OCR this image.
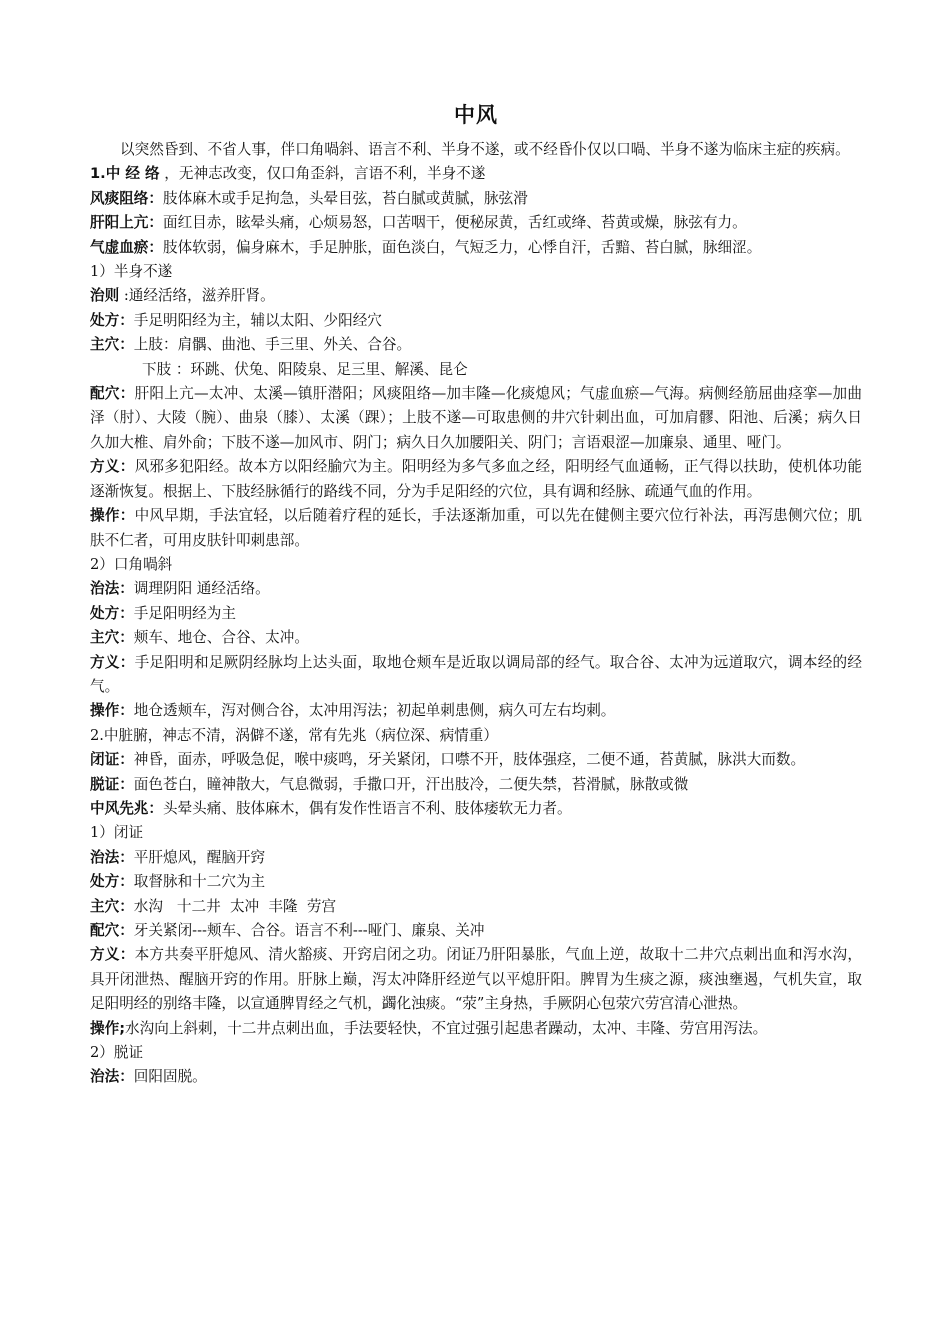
中风

以突然昏到、不省人事，伴口角喎斜、语言不利、半身不遂，或不经昏仆仅以口喎、半身不遂为临床主症的疾病。

1.中 经 络 ，无神志改变，仅口角歪斜，言语不利，半身不遂

风痰阻络：肢体麻木或手足拘急，头晕目弦，苔白腻或黄腻，脉弦滑

肝阳上亢：面红目赤，眩晕头痛，心烦易怒，口苦咽干，便秘尿黄，舌红或绛、苔黄或燥，脉弦有力。

气虚血瘀：肢体软弱，偏身麻木，手足肿胀，面色淡白，气短乏力，心悸自汗，舌黯、苔白腻，脉细涩。

1）半身不遂

治则 :通经活络，滋养肝肾。

处方：手足明阳经为主，辅以太阳、少阳经穴

主穴：上肢：肩髃、曲池、手三里、外关、合谷。

下肢 ：环跳、伏兔、阳陵泉、足三里、解溪、昆仑

配穴：肝阳上亢—太冲、太溪—镇肝潜阳；风痰阻络—加丰隆—化痰熄风；气虚血瘀—气海。病侧经筋屈曲痉挛—加曲泽（肘）、大陵（腕）、曲泉（膝）、太溪（踝）；上肢不遂—可取患侧的井穴针刺出血，可加肩髎、阳池、后溪；病久日久加大椎、肩外俞；下肢不遂—加风市、阴门；病久日久加腰阳关、阴门；言语艰涩—加廉泉、通里、哑门。

方义：风邪多犯阳经。故本方以阳经腧穴为主。阳明经为多气多血之经，阳明经气血通畅，正气得以扶助，使机体功能逐渐恢复。根据上、下肢经脉循行的路线不同，分为手足阳经的穴位，具有调和经脉、疏通气血的作用。

操作：中风早期，手法宜轻，以后随着疗程的延长，手法逐渐加重，可以先在健侧主要穴位行补法，再泻患侧穴位；肌肤不仁者，可用皮肤针叩刺患部。

2）口角喎斜

治法：调理阴阳 通经活络。

处方：手足阳明经为主

主穴：颊车、地仓、合谷、太冲。

方义：手足阳明和足厥阴经脉均上达头面，取地仓颊车是近取以调局部的经气。取合谷、太冲为远道取穴，调本经的经气。

操作：地仓透颊车，泻对侧合谷，太冲用泻法；初起单刺患侧，病久可左右均刺。

2.中脏腑，神志不清，涡僻不遂，常有先兆（病位深、病情重）

闭证：神昏，面赤，呼吸急促，喉中痰鸣，牙关紧闭，口噤不开，肢体强痉，二便不通，苔黄腻，脉洪大而数。

脱证：面色苍白，瞳神散大，气息微弱，手撒口开，汗出肢冷，二便失禁，苔滑腻，脉散或微

中风先兆：头晕头痛、肢体麻木，偶有发作性语言不利、肢体痿软无力者。

1）闭证

治法：平肝熄风，醒脑开窍

处方：取督脉和十二穴为主

主穴：水沟   十二井  太冲  丰隆  劳宫

配穴：牙关紧闭---颊车、合谷。语言不利---哑门、廉泉、关冲

方义：本方共奏平肝熄风、清火豁痰、开窍启闭之功。闭证乃肝阳暴胀，气血上逆，故取十二井穴点刺出血和泻水沟，具开闭泄热、醒脑开窍的作用。肝脉上巅，泻太冲降肝经逆气以平熄肝阳。脾胃为生痰之源，痰浊壅遏，气机失宣，取足阳明经的别络丰隆，以宣通脾胃经之气机，蠲化浊痰。“荥”主身热，手厥阴心包荥穴劳宫清心泄热。

操作;水沟向上斜刺，十二井点刺出血，手法要轻快，不宜过强引起患者躁动，太冲、丰隆、劳宫用泻法。

2）脱证

治法：回阳固脱。
